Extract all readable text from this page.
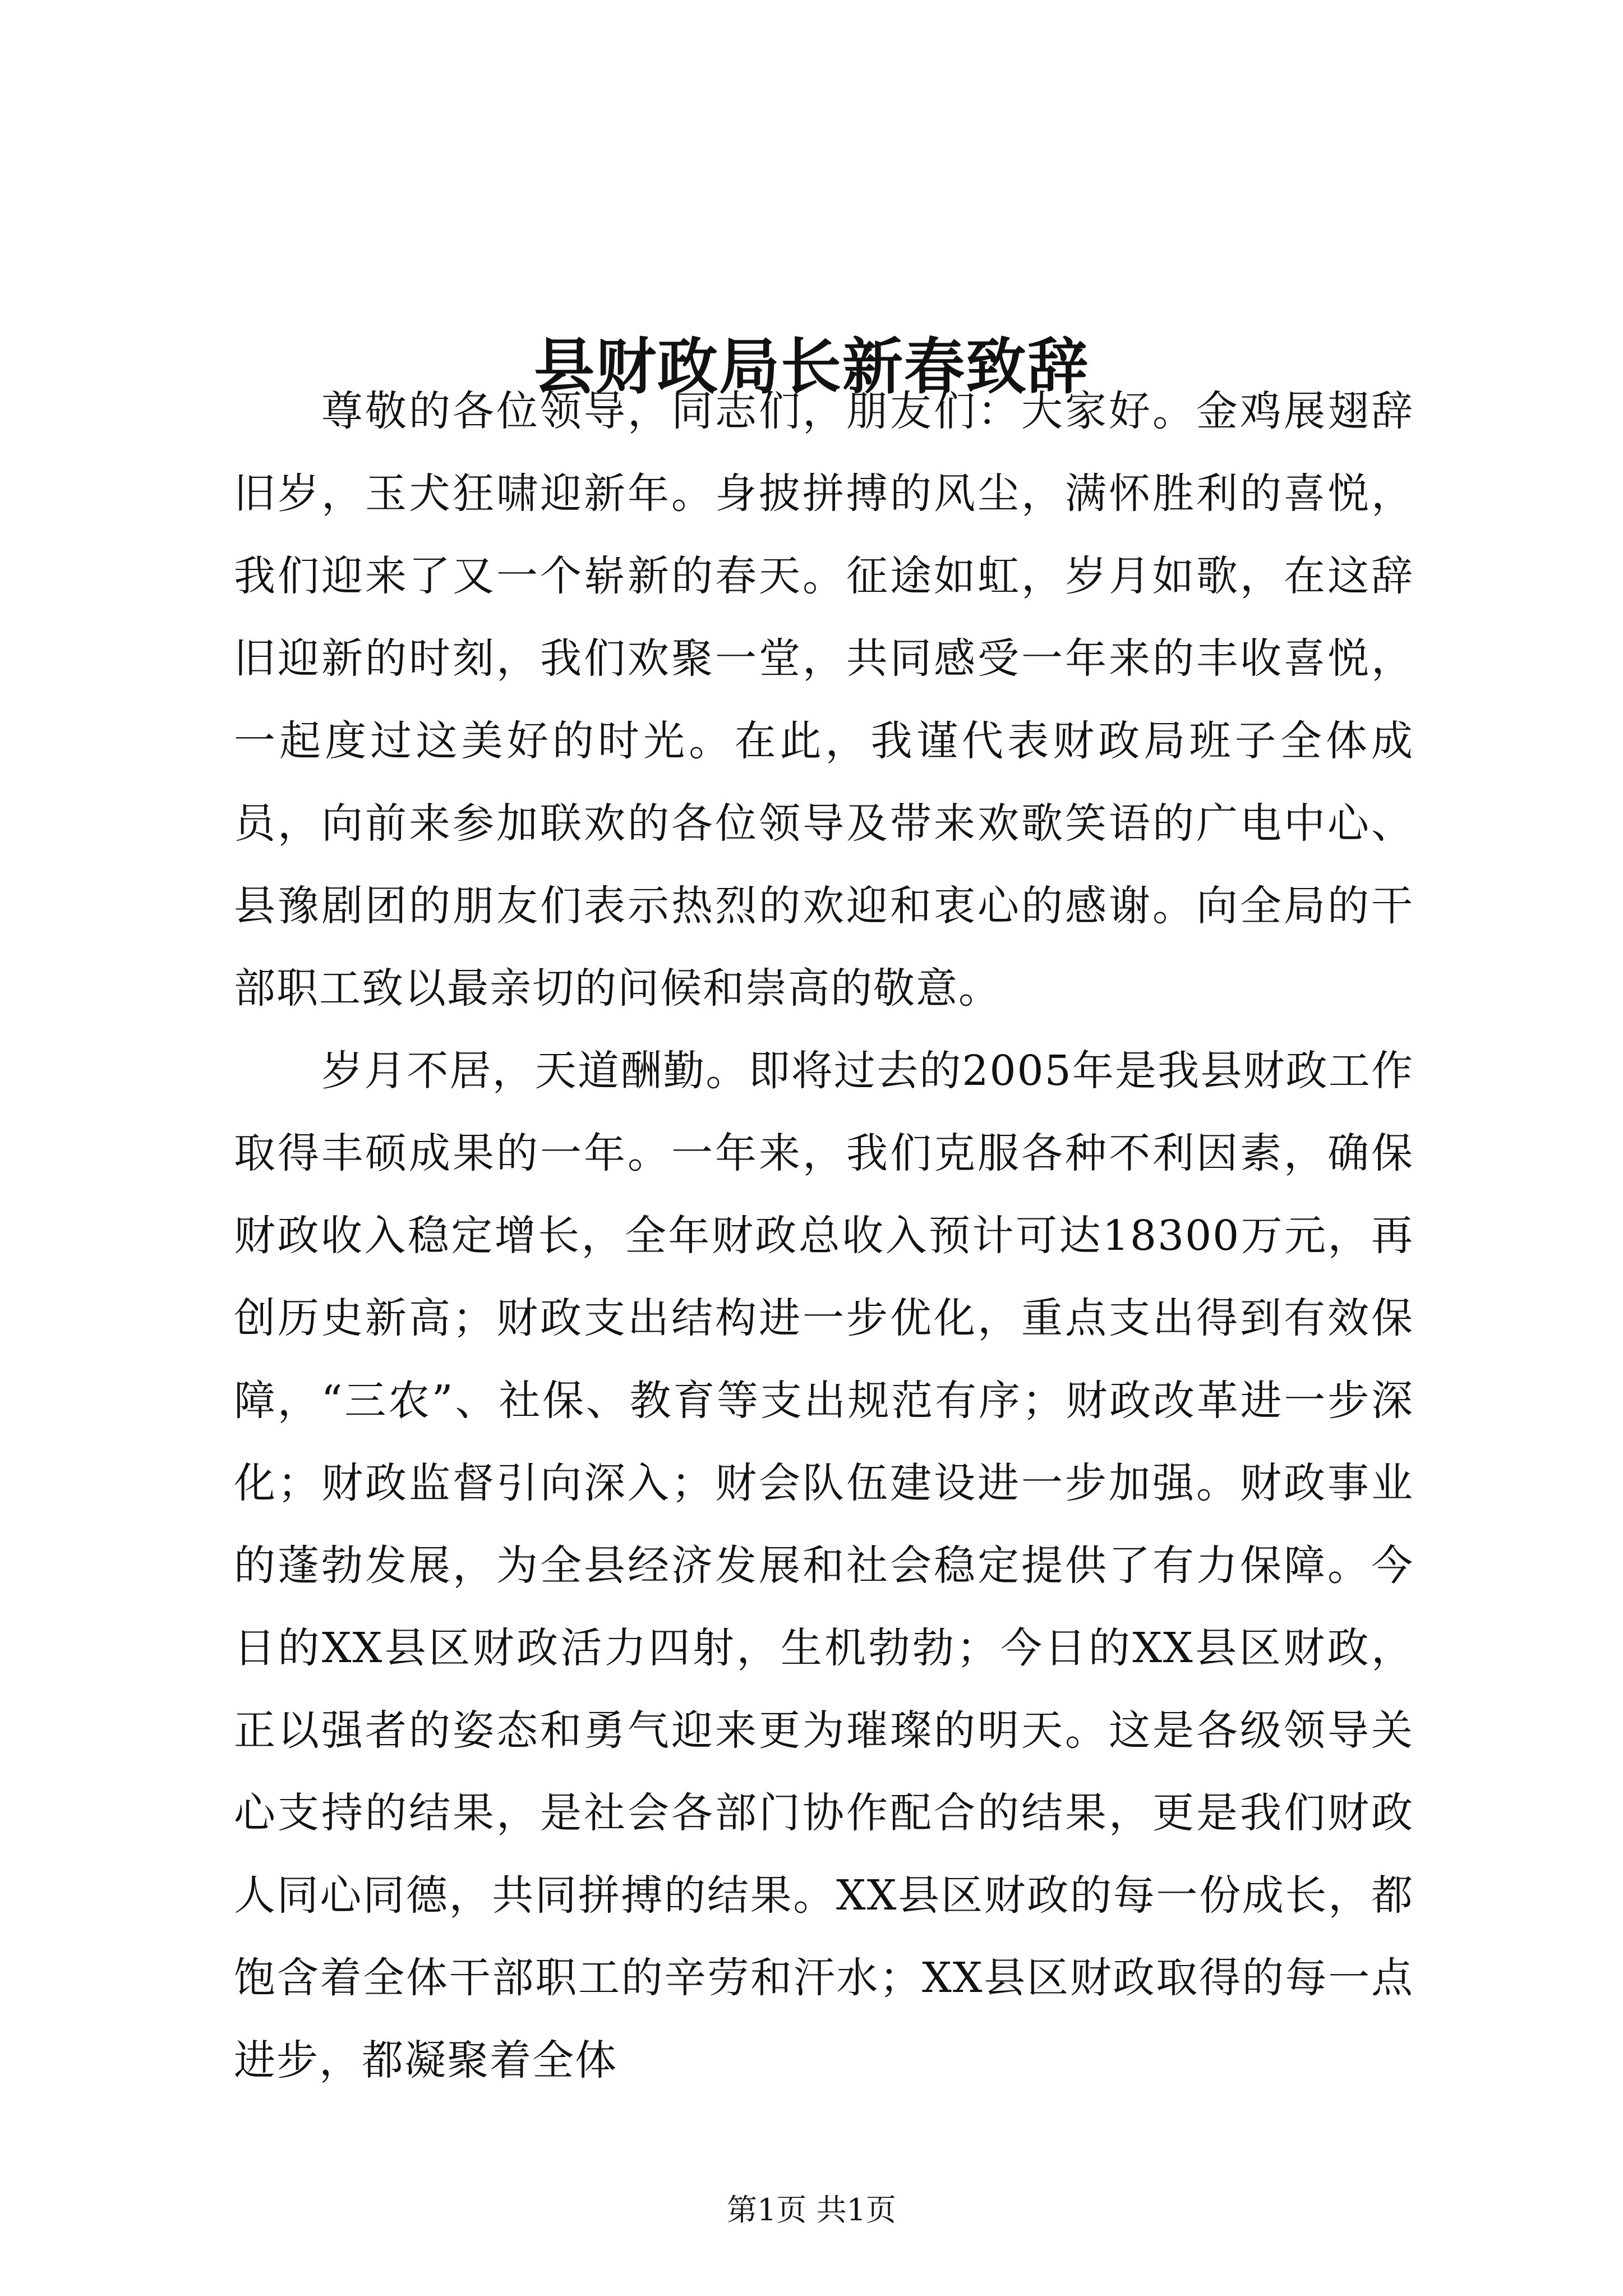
县财政局长新春致辞

尊敬的各位领导，同志们，朋友们：大家好。金鸡展翅辞旧岁，玉犬狂啸迎新年。身披拼搏的风尘，满怀胜利的喜悦，我们迎来了又一个崭新的春天。征途如虹，岁月如歌，在这辞旧迎新的时刻，我们欢聚一堂，共同感受一年来的丰收喜悦，一起度过这美好的时光。在此，我谨代表财政局班子全体成员，向前来参加联欢的各位领导及带来欢歌笑语的广电中心、县豫剧团的朋友们表示热烈的欢迎和衷心的感谢。向全局的干部职工致以最亲切的问候和崇高的敬意。

岁月不居，天道酬勤。即将过去的2005年是我县财政工作取得丰硕成果的一年。一年来，我们克服各种不利因素，确保财政收入稳定增长，全年财政总收入预计可达18300万元，再创历史新高；财政支出结构进一步优化，重点支出得到有效保障，“三农”、社保、教育等支出规范有序；财政改革进一步深化；财政监督引向深入；财会队伍建设进一步加强。财政事业的蓬勃发展，为全县经济发展和社会稳定提供了有力保障。今日的XX县区财政活力四射，生机勃勃；今日的XX县区财政，正以强者的姿态和勇气迎来更为璀璨的明天。这是各级领导关心支持的结果，是社会各部门协作配合的结果，更是我们财政人同心同德，共同拼搏的结果。XX县区财政的每一份成长，都饱含着全体干部职工的辛劳和汗水；XX县区财政取得的每一点进步，都凝聚着全体

第1页 共1页
